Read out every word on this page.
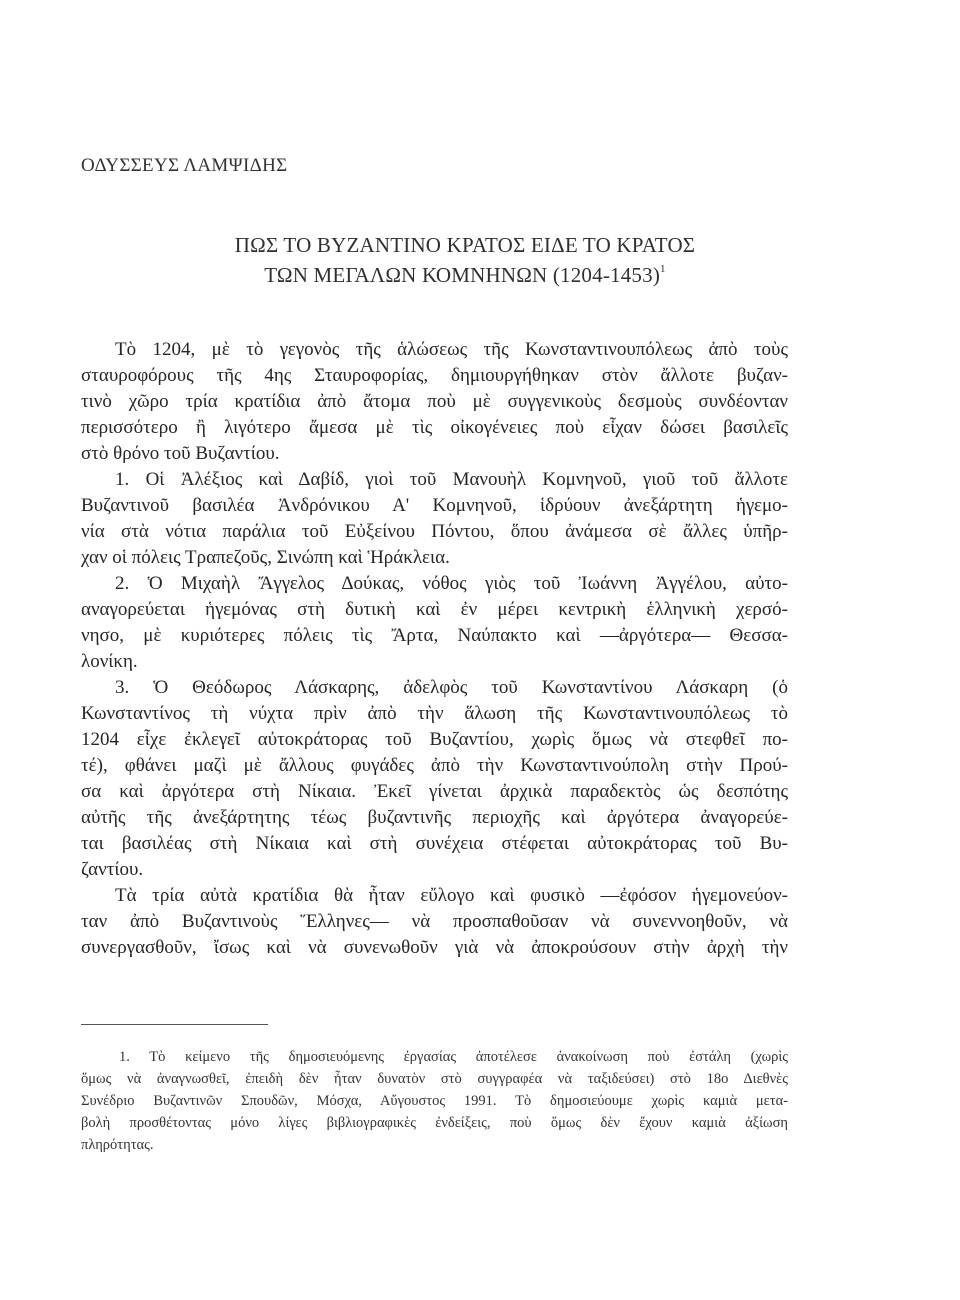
ΟΔΥΣΣΕΥΣ ΛΑΜΨΙΔΗΣ
ΠΩΣ ΤΟ ΒΥΖΑΝΤΙΝΟ ΚΡΑΤΟΣ ΕΙΔΕ ΤΟ ΚΡΑΤΟΣ
ΤΩΝ ΜΕΓΑΛΩΝ ΚΟΜΝΗΝΩΝ (1204-1453)$^1$
Τὸ 1204, μὲ τὸ γεγονὸς τῆς ἁλώσεως τῆς Κωνσταντινουπόλεως ἀπὸ τοὺς
σταυροφόρους τῆς 4ης Σταυροφορίας, δημιουργήθηκαν στὸν ἄλλοτε βυζαν-
τινὸ χῶρο τρία κρατίδια ἀπὸ ἄτομα ποὺ μὲ συγγενικοὺς δεσμοὺς συνδέονταν
περισσότερο ἢ λιγότερο ἄμεσα μὲ τὶς οἰκογένειες ποὺ εἶχαν δώσει βασιλεῖς
στὸ θρόνο τοῦ Βυζαντίου.
1. Οἱ Ἀλέξιος καὶ Δαβίδ, γιοὶ τοῦ Μανουὴλ Κομνηνοῦ, γιοῦ τοῦ ἄλλοτε
Βυζαντινοῦ βασιλέα Ἀνδρόνικου Α' Κομνηνοῦ, ἱδρύουν ἀνεξάρτητη ἡγεμο-
νία στὰ νότια παράλια τοῦ Εὐξείνου Πόντου, ὅπου ἀνάμεσα σὲ ἄλλες ὑπῆρ-
χαν οἱ πόλεις Τραπεζοῦς, Σινώπη καὶ Ἡράκλεια.
2. Ὁ Μιχαὴλ Ἄγγελος Δούκας, νόθος γιὸς τοῦ Ἰωάννη Ἀγγέλου, αὐτο-
αναγορεύεται ἡγεμόνας στὴ δυτικὴ καὶ ἐν μέρει κεντρικὴ ἑλληνικὴ χερσό-
νησο, μὲ κυριότερες πόλεις τὶς Ἄρτα, Ναύπακτο καὶ —ἀργότερα— Θεσσα-
λονίκη.
3. Ὁ Θεόδωρος Λάσκαρης, ἀδελφὸς τοῦ Κωνσταντίνου Λάσκαρη (ὁ
Κωνσταντίνος τὴ νύχτα πρὶν ἀπὸ τὴν ἅλωση τῆς Κωνσταντινουπόλεως τὸ
1204 εἶχε ἐκλεγεῖ αὐτοκράτορας τοῦ Βυζαντίου, χωρὶς ὅμως νὰ στεφθεῖ πο-
τέ), φθάνει μαζὶ μὲ ἄλλους φυγάδες ἀπὸ τὴν Κωνσταντινούπολη στὴν Πρού-
σα καὶ ἀργότερα στὴ Νίκαια. Ἐκεῖ γίνεται ἀρχικὰ παραδεκτὸς ὡς δεσπότης
αὐτῆς τῆς ἀνεξάρτητης τέως βυζαντινῆς περιοχῆς καὶ ἀργότερα ἀναγορεύε-
ται βασιλέας στὴ Νίκαια καὶ στὴ συνέχεια στέφεται αὐτοκράτορας τοῦ Βυ-
ζαντίου.
Τὰ τρία αὐτὰ κρατίδια θὰ ἦταν εὔλογο καὶ φυσικὸ —ἐφόσον ἡγεμονεύον-
ταν ἀπὸ Βυζαντινοὺς Ἕλληνες— νὰ προσπαθοῦσαν νὰ συνεννοηθοῦν, νὰ
συνεργασθοῦν, ἴσως καὶ νὰ συνενωθοῦν γιὰ νὰ ἀποκρούσουν στὴν ἀρχὴ τὴν
1. Τὸ κείμενο τῆς δημοσιευόμενης ἐργασίας ἀποτέλεσε ἀνακοίνωση ποὺ ἐστάλη (χωρὶς
ὅμως νὰ ἀναγνωσθεῖ, ἐπειδὴ δὲν ἦταν δυνατὸν στὸ συγγραφέα νὰ ταξιδεύσει) στὸ 18ο Διεθνὲς
Συνέδριο Βυζαντινῶν Σπουδῶν, Μόσχα, Αὔγουστος 1991. Τὸ δημοσιεύουμε χωρὶς καμιὰ μετα-
βολὴ προσθέτοντας μόνο λίγες βιβλιογραφικὲς ἐνδείξεις, ποὺ ὅμως δὲν ἔχουν καμιὰ ἀξίωση
πληρότητας.
